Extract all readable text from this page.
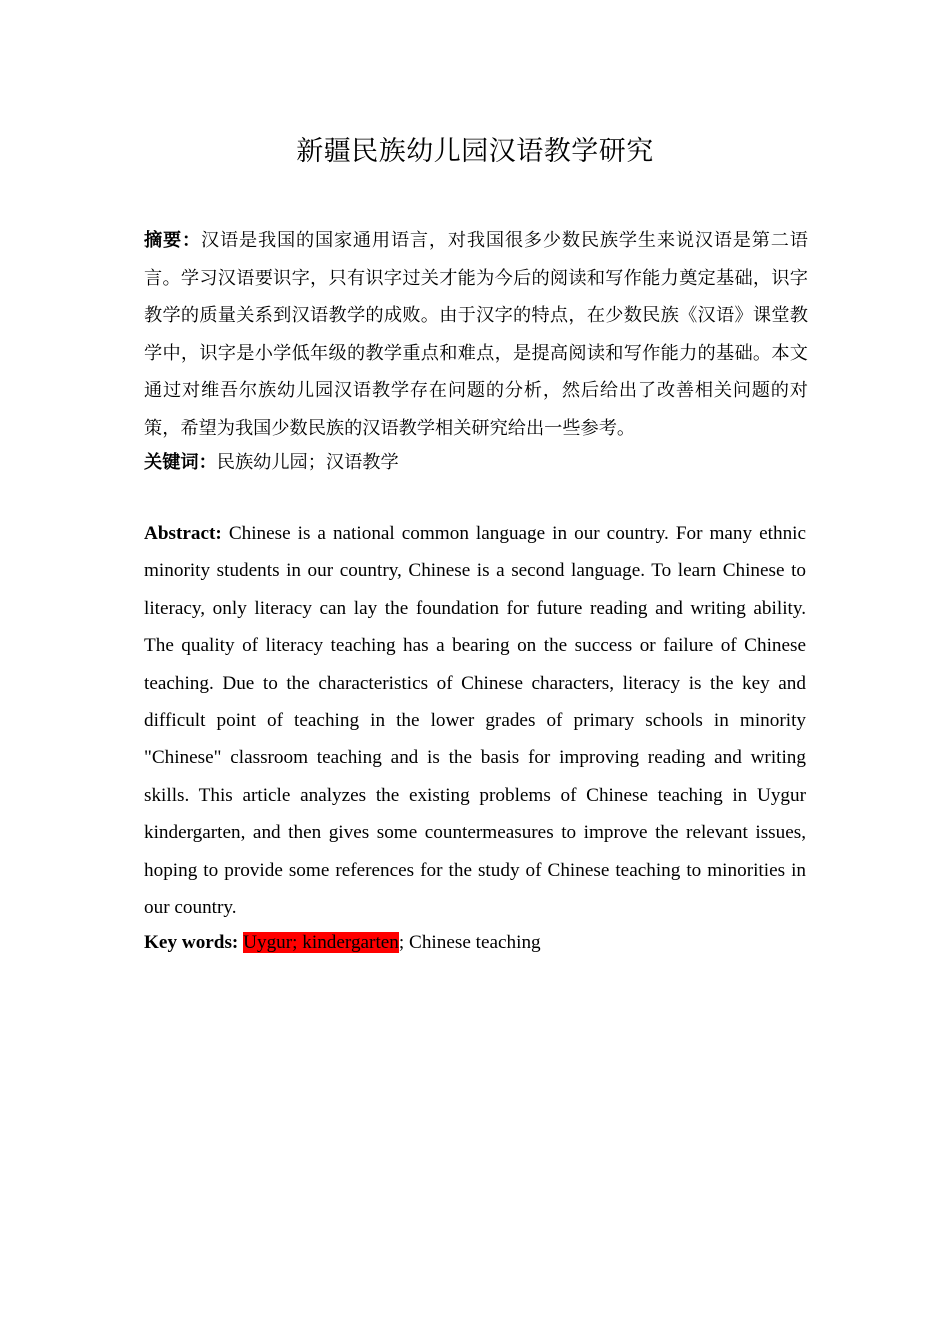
新疆民族幼儿园汉语教学研究
摘要：汉语是我国的国家通用语言，对我国很多少数民族学生来说汉语是第二语言。学习汉语要识字，只有识字过关才能为今后的阅读和写作能力奠定基础，识字教学的质量关系到汉语教学的成败。由于汉字的特点，在少数民族《汉语》课堂教学中，识字是小学低年级的教学重点和难点，是提高阅读和写作能力的基础。本文通过对维吾尔族幼儿园汉语教学存在问题的分析，然后给出了改善相关问题的对策，希望为我国少数民族的汉语教学相关研究给出一些参考。
关键词：民族幼儿园；汉语教学
Abstract: Chinese is a national common language in our country. For many ethnic minority students in our country, Chinese is a second language. To learn Chinese to literacy, only literacy can lay the foundation for future reading and writing ability. The quality of literacy teaching has a bearing on the success or failure of Chinese teaching. Due to the characteristics of Chinese characters, literacy is the key and difficult point of teaching in the lower grades of primary schools in minority "Chinese" classroom teaching and is the basis for improving reading and writing skills. This article analyzes the existing problems of Chinese teaching in Uygur kindergarten, and then gives some countermeasures to improve the relevant issues, hoping to provide some references for the study of Chinese teaching to minorities in our country.
Key words: Uygur; kindergarten; Chinese teaching
